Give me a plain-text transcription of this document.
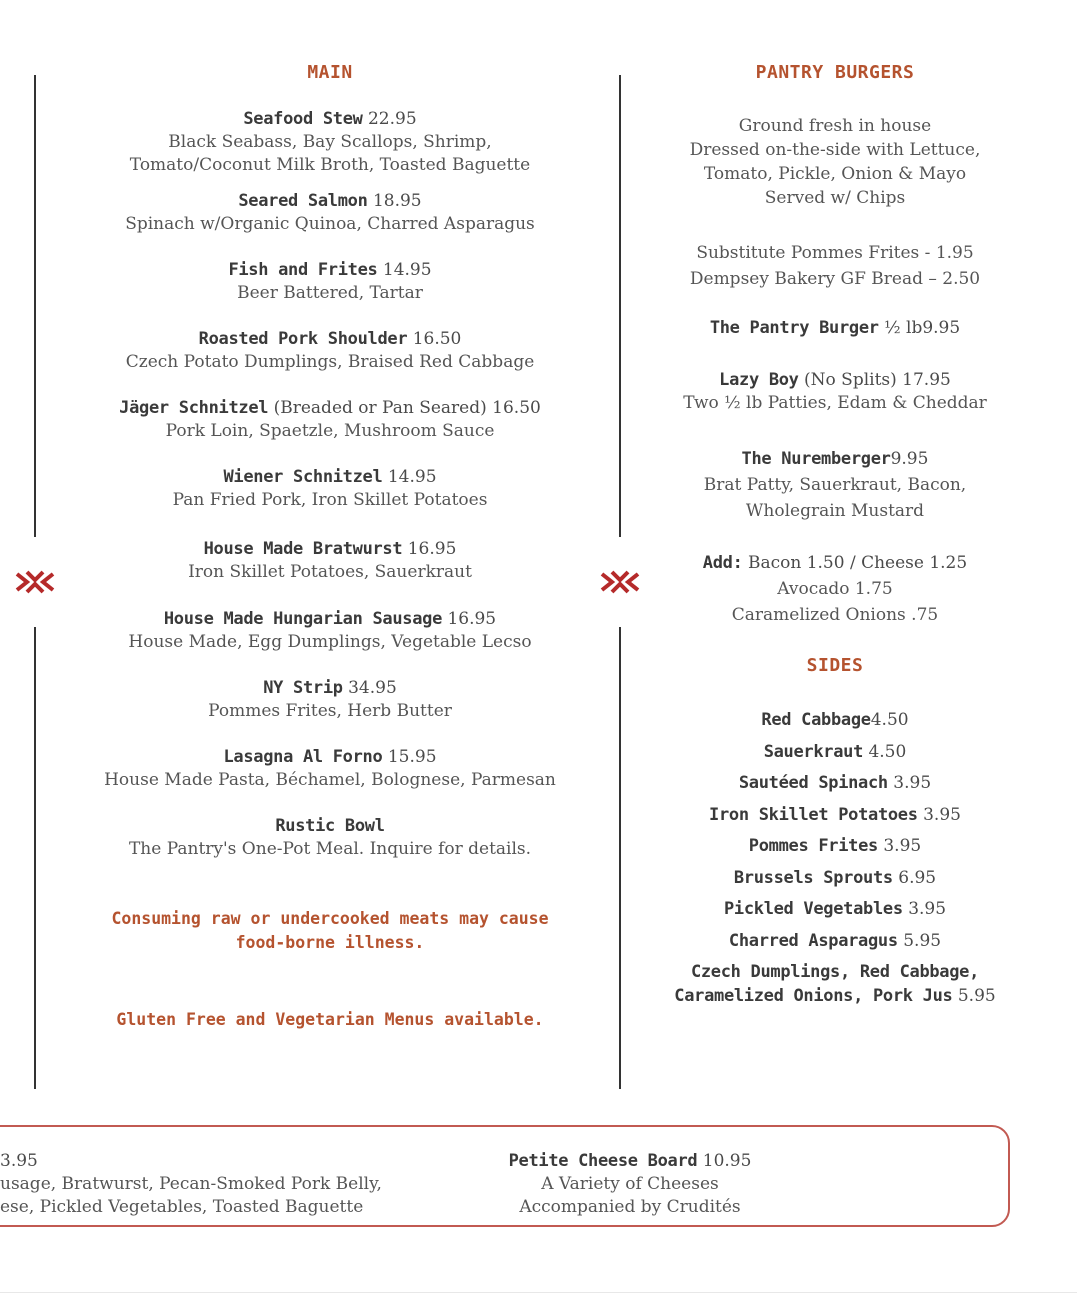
MAIN
Seafood Stew 22.95
Black Seabass, Bay Scallops, Shrimp,
Tomato/Coconut Milk Broth, Toasted Baguette
Seared Salmon 18.95
Spinach w/Organic Quinoa, Charred Asparagus
Fish and Frites 14.95
Beer Battered, Tartar
Roasted Pork Shoulder 16.50
Czech Potato Dumplings, Braised Red Cabbage
Jäger Schnitzel (Breaded or Pan Seared) 16.50
Pork Loin, Spaetzle, Mushroom Sauce
Wiener Schnitzel 14.95
Pan Fried Pork, Iron Skillet Potatoes
House Made Bratwurst 16.95
Iron Skillet Potatoes, Sauerkraut
House Made Hungarian Sausage 16.95
House Made, Egg Dumplings, Vegetable Lecso
NY Strip 34.95
Pommes Frites, Herb Butter
Lasagna Al Forno 15.95
House Made Pasta, Béchamel, Bolognese, Parmesan
Rustic Bowl
The Pantry's One-Pot Meal. Inquire for details.
Consuming raw or undercooked meats may cause
food-borne illness.
Gluten Free and Vegetarian Menus available.
PANTRY BURGERS
Ground fresh in house
Dressed on-the-side with Lettuce,
Tomato, Pickle, Onion & Mayo
Served w/ Chips
Substitute Pommes Frites - 1.95
Dempsey Bakery GF Bread – 2.50
The Pantry Burger ½ lb9.95
Lazy Boy (No Splits) 17.95
Two ½ lb Patties, Edam & Cheddar
The Nuremberger9.95
Brat Patty, Sauerkraut, Bacon,
Wholegrain Mustard
Add: Bacon 1.50 / Cheese 1.25
Avocado 1.75
Caramelized Onions .75
SIDES
Red Cabbage4.50
Sauerkraut 4.50
Sautéed Spinach 3.95
Iron Skillet Potatoes 3.95
Pommes Frites 3.95
Brussels Sprouts 6.95
Pickled Vegetables 3.95
Charred Asparagus 5.95
Czech Dumplings, Red Cabbage,
Caramelized Onions, Pork Jus 5.95
3.95
usage, Bratwurst, Pecan-Smoked Pork Belly,
ese, Pickled Vegetables, Toasted Baguette
Petite Cheese Board 10.95
A Variety of Cheeses
Accompanied by Crudités
